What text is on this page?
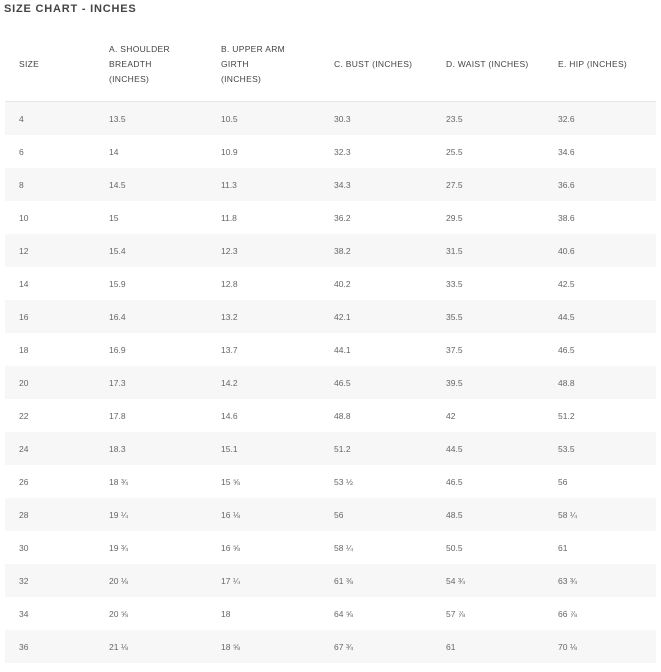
SIZE CHART - INCHES
SIZE	A. SHOULDER BREADTH (INCHES)	B. UPPER ARM GIRTH (INCHES)	C. BUST (INCHES)	D. WAIST (INCHES)	E. HIP (INCHES)
4	13.5	10.5	30.3	23.5	32.6
6	14	10.9	32.3	25.5	34.6
8	14.5	11.3	34.3	27.5	36.6
10	15	11.8	36.2	29.5	38.6
12	15.4	12.3	38.2	31.5	40.6
14	15.9	12.8	40.2	33.5	42.5
16	16.4	13.2	42.1	35.5	44.5
18	16.9	13.7	44.1	37.5	46.5
20	17.3	14.2	46.5	39.5	48.8
22	17.8	14.6	48.8	42	51.2
24	18.3	15.1	51.2	44.5	53.5
26	18 ¾	15 ⅝	53 ½	46.5	56
28	19 ¼	16 ⅛	56	48.5	58 ¼
30	19 ¾	16 ⅝	58 ¼	50.5	61
32	20 ⅛	17 ¼	61 ⅜	54 ¾	63 ¾
34	20 ⅝	18	64 ⅝	57 ⅞	66 ⅞
36	21 ⅛	18 ⅝	67 ¾	61	70 ⅛
